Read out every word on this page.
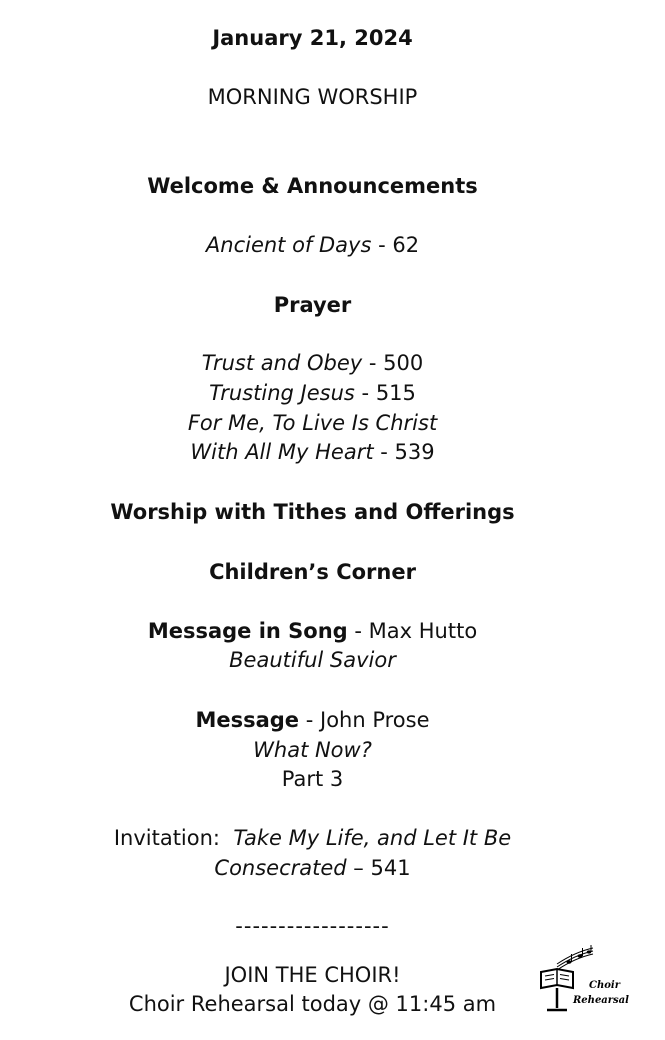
January 21, 2024
MORNING WORSHIP
Welcome & Announcements
Ancient of Days - 62
Prayer
Trust and Obey - 500
Trusting Jesus - 515
For Me, To Live Is Christ
With All My Heart - 539
Worship with Tithes and Offerings
Children’s Corner
Message in Song - Max Hutto
Beautiful Savior
Message - John Prose
What Now?
Part 3
Invitation: Take My Life, and Let It Be
Consecrated – 541
------------------
JOIN THE CHOIR!
Choir Rehearsal today @ 11:45 am
Choir
Rehearsal
